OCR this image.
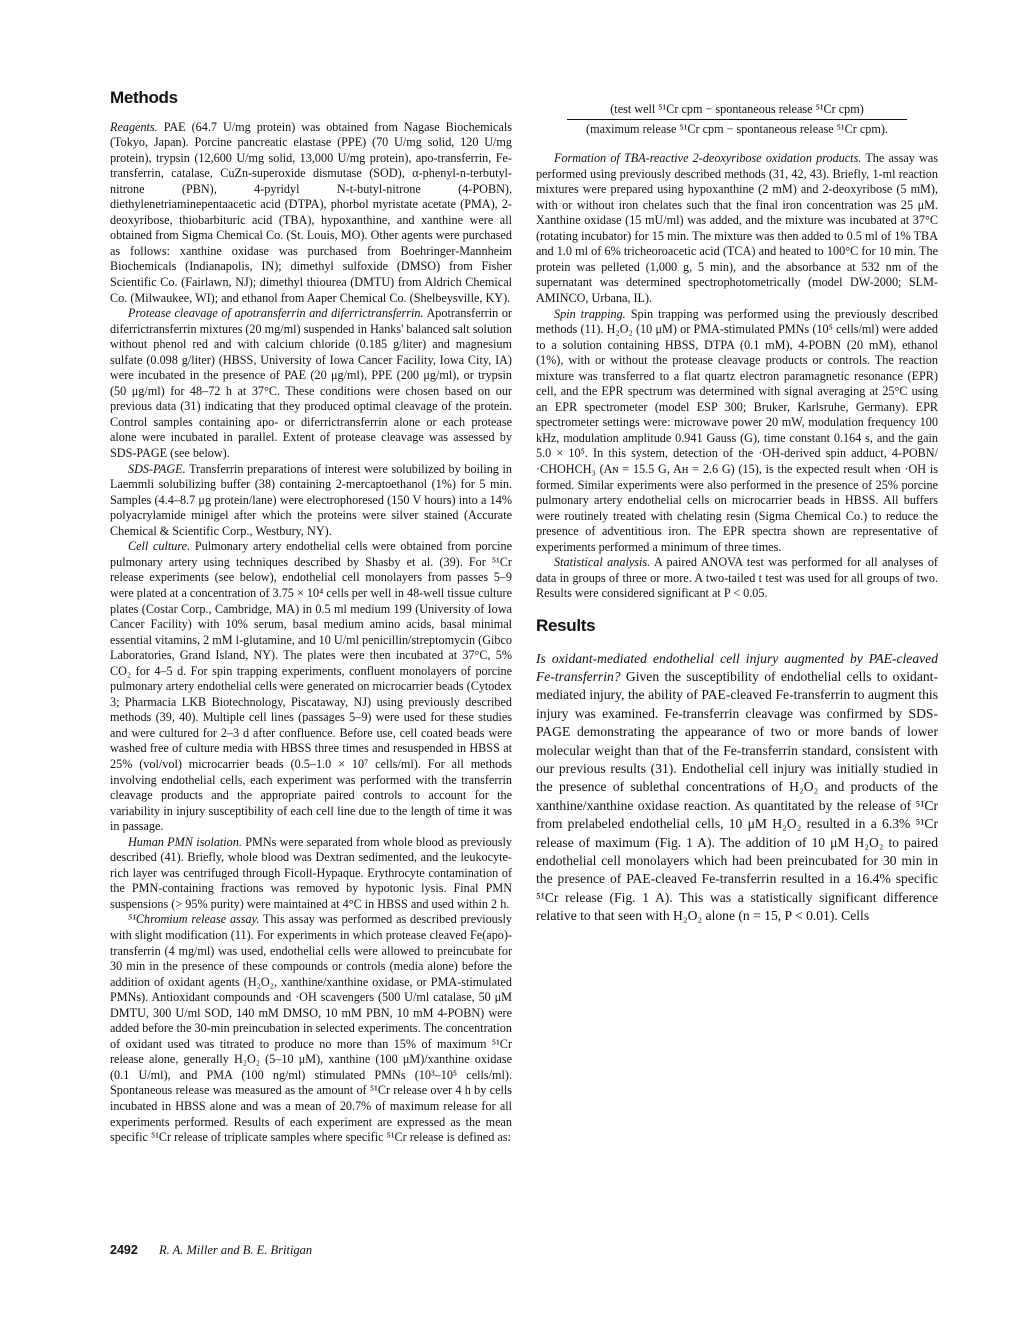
Methods

Reagents. PAE (64.7 U/mg protein) was obtained from Nagase Biochemicals (Tokyo, Japan). Porcine pancreatic elastase (PPE) (70 U/mg solid, 120 U/mg protein), trypsin (12,600 U/mg solid, 13,000 U/mg protein), apo-transferrin, Fe-transferrin, catalase, CuZn-superoxide dismutase (SOD), α-phenyl-n-terbutyl-nitrone (PBN), 4-pyridyl N-t-butyl-nitrone (4-POBN), diethylenetriaminepentaacetic acid (DTPA), phorbol myristate acetate (PMA), 2-deoxyribose, thiobarbituric acid (TBA), hypoxanthine, and xanthine were all obtained from Sigma Chemical Co. (St. Louis, MO). Other agents were purchased as follows: xanthine oxidase was purchased from Boehringer-Mannheim Biochemicals (Indianapolis, IN); dimethyl sulfoxide (DMSO) from Fisher Scientific Co. (Fairlawn, NJ); dimethyl thiourea (DMTU) from Aldrich Chemical Co. (Milwaukee, WI); and ethanol from Aaper Chemical Co. (Shelbeysville, KY).

Protease cleavage of apotransferrin and diferrictransferrin. Apotransferrin or diferrictransferrin mixtures (20 mg/ml) suspended in Hanks' balanced salt solution without phenol red and with calcium chloride (0.185 g/liter) and magnesium sulfate (0.098 g/liter) (HBSS, University of Iowa Cancer Facility, Iowa City, IA) were incubated in the presence of PAE (20 μg/ml), PPE (200 μg/ml), or trypsin (50 μg/ml) for 48–72 h at 37°C. These conditions were chosen based on our previous data (31) indicating that they produced optimal cleavage of the protein. Control samples containing apo- or diferrictransferrin alone or each protease alone were incubated in parallel. Extent of protease cleavage was assessed by SDS-PAGE (see below).

SDS-PAGE. Transferrin preparations of interest were solubilized by boiling in Laemmli solubilizing buffer (38) containing 2-mercaptoethanol (1%) for 5 min. Samples (4.4–8.7 μg protein/lane) were electrophoresed (150 V hours) into a 14% polyacrylamide minigel after which the proteins were silver stained (Accurate Chemical & Scientific Corp., Westbury, NY).

Cell culture. Pulmonary artery endothelial cells were obtained from porcine pulmonary artery using techniques described by Shasby et al. (39). For ⁵¹Cr release experiments (see below), endothelial cell monolayers from passes 5–9 were plated at a concentration of 3.75 × 10⁴ cells per well in 48-well tissue culture plates (Costar Corp., Cambridge, MA) in 0.5 ml medium 199 (University of Iowa Cancer Facility) with 10% serum, basal medium amino acids, basal minimal essential vitamins, 2 mM l-glutamine, and 10 U/ml penicillin/streptomycin (Gibco Laboratories, Grand Island, NY). The plates were then incubated at 37°C, 5% CO₂ for 4–5 d. For spin trapping experiments, confluent monolayers of porcine pulmonary artery endothelial cells were generated on microcarrier beads (Cytodex 3; Pharmacia LKB Biotechnology, Piscataway, NJ) using previously described methods (39, 40). Multiple cell lines (passages 5–9) were used for these studies and were cultured for 2–3 d after confluence. Before use, cell coated beads were washed free of culture media with HBSS three times and resuspended in HBSS at 25% (vol/vol) microcarrier beads (0.5–1.0 × 10⁷ cells/ml). For all methods involving endothelial cells, each experiment was performed with the transferrin cleavage products and the appropriate paired controls to account for the variability in injury susceptibility of each cell line due to the length of time it was in passage.

Human PMN isolation. PMNs were separated from whole blood as previously described (41). Briefly, whole blood was Dextran sedimented, and the leukocyte-rich layer was centrifuged through Ficoll-Hypaque. Erythrocyte contamination of the PMN-containing fractions was removed by hypotonic lysis. Final PMN suspensions (> 95% purity) were maintained at 4°C in HBSS and used within 2 h.

⁵¹Chromium release assay. This assay was performed as described previously with slight modification (11). For experiments in which protease cleaved Fe(apo)-transferrin (4 mg/ml) was used, endothelial cells were allowed to preincubate for 30 min in the presence of these compounds or controls (media alone) before the addition of oxidant agents (H₂O₂, xanthine/xanthine oxidase, or PMA-stimulated PMNs). Antioxidant compounds and ·OH scavengers (500 U/ml catalase, 50 μM DMTU, 300 U/ml SOD, 140 mM DMSO, 10 mM PBN, 10 mM 4-POBN) were added before the 30-min preincubation in selected experiments. The concentration of oxidant used was titrated to produce no more than 15% of maximum ⁵¹Cr release alone, generally H₂O₂ (5–10 μM), xanthine (100 μM)/xanthine oxidase (0.1 U/ml), and PMA (100 ng/ml) stimulated PMNs (10³–10⁵ cells/ml). Spontaneous release was measured as the amount of ⁵¹Cr release over 4 h by cells incubated in HBSS alone and was a mean of 20.7% of maximum release for all experiments performed. Results of each experiment are expressed as the mean specific ⁵¹Cr release of triplicate samples where specific ⁵¹Cr release is defined as:

(test well ⁵¹Cr cpm − spontaneous release ⁵¹Cr cpm)
(maximum release ⁵¹Cr cpm − spontaneous release ⁵¹Cr cpm).

Formation of TBA-reactive 2-deoxyribose oxidation products. The assay was performed using previously described methods (31, 42, 43). Briefly, 1-ml reaction mixtures were prepared using hypoxanthine (2 mM) and 2-deoxyribose (5 mM), with or without iron chelates such that the final iron concentration was 25 μM. Xanthine oxidase (15 mU/ml) was added, and the mixture was incubated at 37°C (rotating incubator) for 15 min. The mixture was then added to 0.5 ml of 1% TBA and 1.0 ml of 6% tricheoroacetic acid (TCA) and heated to 100°C for 10 min. The protein was pelleted (1,000 g, 5 min), and the absorbance at 532 nm of the supernatant was determined spectrophotometrically (model DW-2000; SLM-AMINCO, Urbana, IL).

Spin trapping. Spin trapping was performed using the previously described methods (11). H₂O₂ (10 μM) or PMA-stimulated PMNs (10⁵ cells/ml) were added to a solution containing HBSS, DTPA (0.1 mM), 4-POBN (20 mM), ethanol (1%), with or without the protease cleavage products or controls. The reaction mixture was transferred to a flat quartz electron paramagnetic resonance (EPR) cell, and the EPR spectrum was determined with signal averaging at 25°C using an EPR spectrometer (model ESP 300; Bruker, Karlsruhe, Germany). EPR spectrometer settings were: microwave power 20 mW, modulation frequency 100 kHz, modulation amplitude 0.941 Gauss (G), time constant 0.164 s, and the gain 5.0 × 10⁵. In this system, detection of the ·OH-derived spin adduct, 4-POBN/·CHOHCH₃ (Aɴ = 15.5 G, Aʜ = 2.6 G) (15), is the expected result when ·OH is formed. Similar experiments were also performed in the presence of 25% porcine pulmonary artery endothelial cells on microcarrier beads in HBSS. All buffers were routinely treated with chelating resin (Sigma Chemical Co.) to reduce the presence of adventitious iron. The EPR spectra shown are representative of experiments performed a minimum of three times.

Statistical analysis. A paired ANOVA test was performed for all analyses of data in groups of three or more. A two-tailed t test was used for all groups of two. Results were considered significant at P < 0.05.

Results

Is oxidant-mediated endothelial cell injury augmented by PAE-cleaved Fe-transferrin? Given the susceptibility of endothelial cells to oxidant-mediated injury, the ability of PAE-cleaved Fe-transferrin to augment this injury was examined. Fe-transferrin cleavage was confirmed by SDS-PAGE demonstrating the appearance of two or more bands of lower molecular weight than that of the Fe-transferrin standard, consistent with our previous results (31). Endothelial cell injury was initially studied in the presence of sublethal concentrations of H₂O₂ and products of the xanthine/xanthine oxidase reaction. As quantitated by the release of ⁵¹Cr from prelabeled endothelial cells, 10 μM H₂O₂ resulted in a 6.3% ⁵¹Cr release of maximum (Fig. 1 A). The addition of 10 μM H₂O₂ to paired endothelial cell monolayers which had been preincubated for 30 min in the presence of PAE-cleaved Fe-transferrin resulted in a 16.4% specific ⁵¹Cr release (Fig. 1 A). This was a statistically significant difference relative to that seen with H₂O₂ alone (n = 15, P < 0.01). Cells

2492 R. A. Miller and B. E. Britigan
